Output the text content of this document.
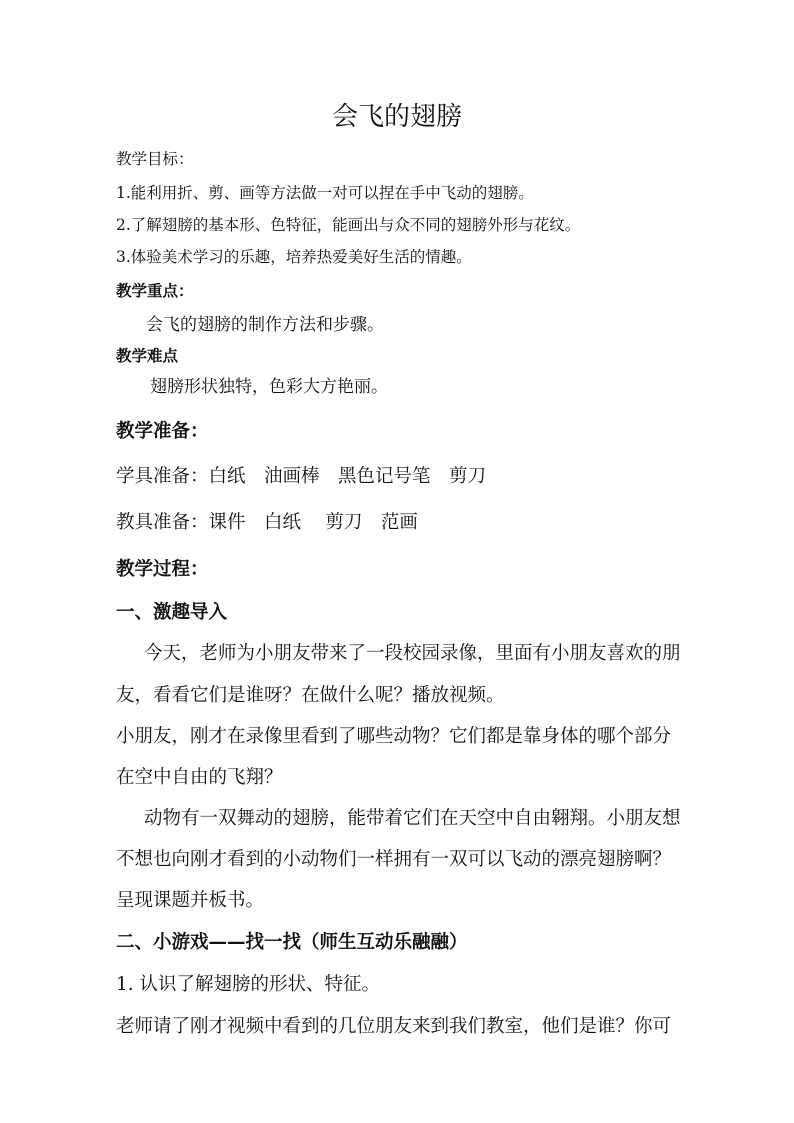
会飞的翅膀
教学目标：
1.能利用折、剪、画等方法做一对可以捏在手中飞动的翅膀。
2.了解翅膀的基本形、色特征，能画出与众不同的翅膀外形与花纹。
3.体验美术学习的乐趣，培养热爱美好生活的情趣。
教学重点：
会飞的翅膀的制作方法和步骤。
教学难点
翅膀形状独特，色彩大方艳丽。
教学准备：
学具准备：白纸　油画棒　黑色记号笔　剪刀
教具准备：课件　白纸　 剪刀　范画
教学过程：
一、激趣导入
今天，老师为小朋友带来了一段校园录像，里面有小朋友喜欢的朋
友，看看它们是谁呀？在做什么呢？播放视频。
小朋友，刚才在录像里看到了哪些动物？它们都是靠身体的哪个部分
在空中自由的飞翔？
动物有一双舞动的翅膀，能带着它们在天空中自由翱翔。小朋友想
不想也向刚才看到的小动物们一样拥有一双可以飞动的漂亮翅膀啊？
呈现课题并板书。
二、小游戏——找一找（师生互动乐融融）
1. 认识了解翅膀的形状、特征。
老师请了刚才视频中看到的几位朋友来到我们教室，他们是谁？你可
